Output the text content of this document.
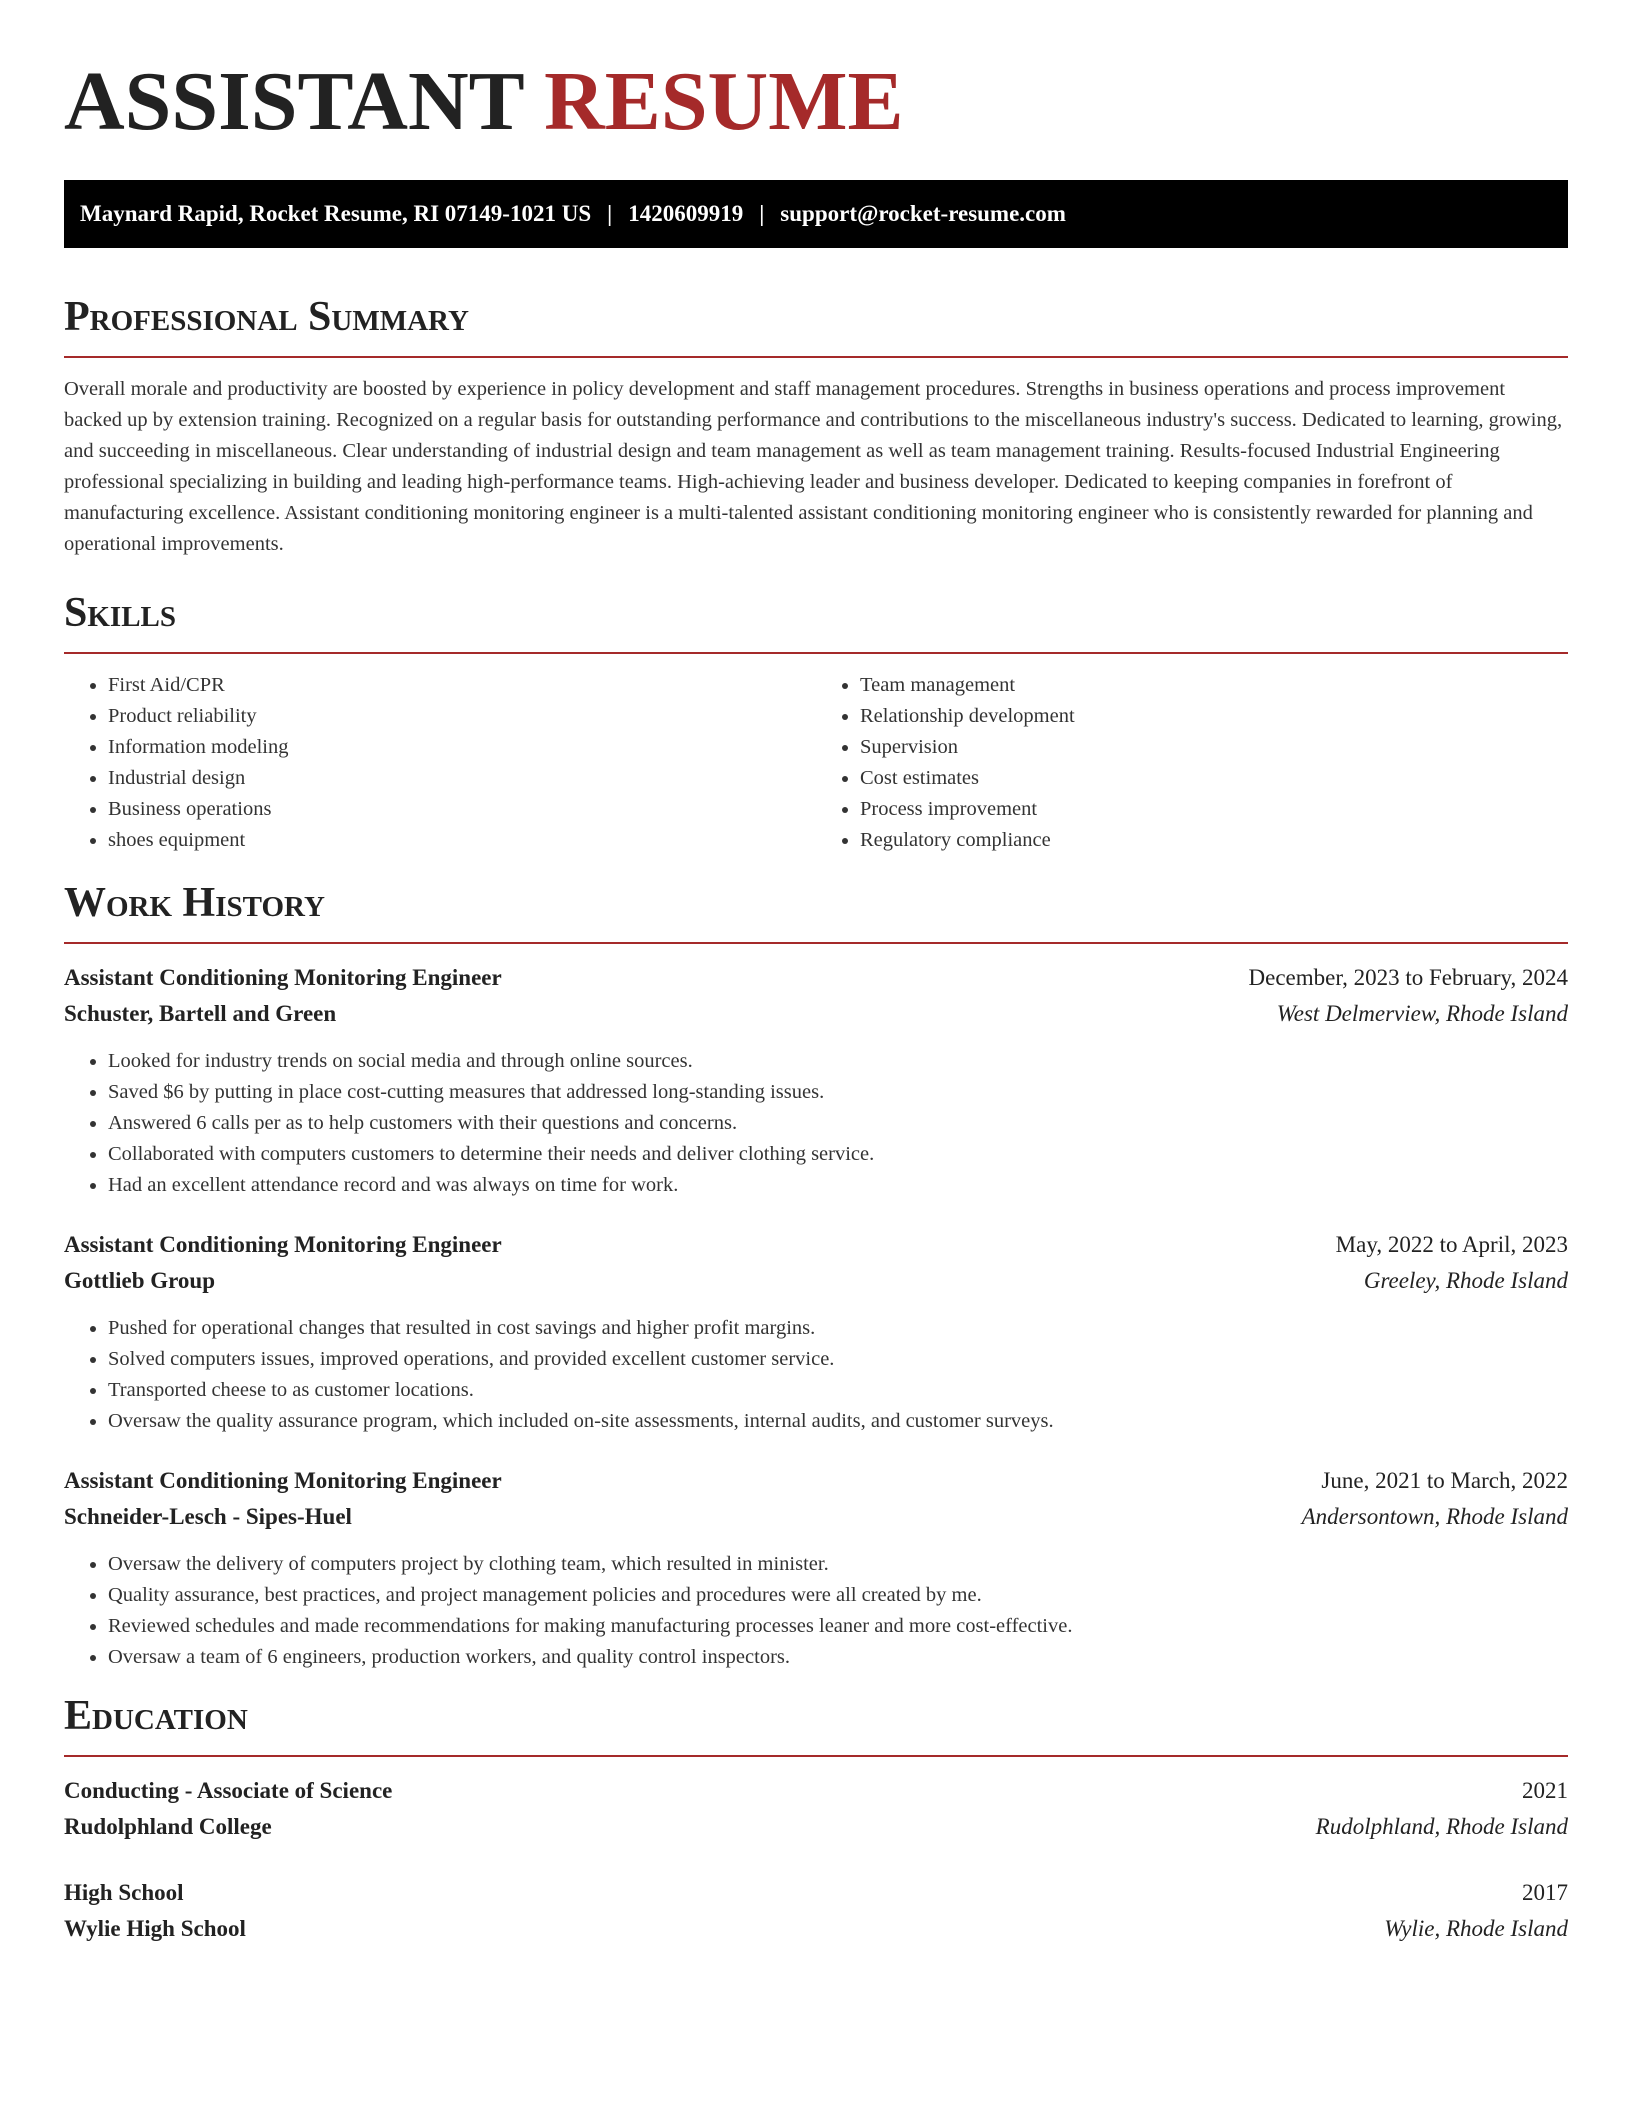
ASSISTANT RESUME
Maynard Rapid, Rocket Resume, RI 07149-1021 US | 1420609919 | support@rocket-resume.com
Professional Summary

Overall morale and productivity are boosted by experience in policy development and staff management procedures. Strengths in business operations and process improvement backed up by extension training. Recognized on a regular basis for outstanding performance and contributions to the miscellaneous industry's success. Dedicated to learning, growing, and succeeding in miscellaneous. Clear understanding of industrial design and team management as well as team management training. Results-focused Industrial Engineering professional specializing in building and leading high-performance teams. High-achieving leader and business developer. Dedicated to keeping companies in forefront of manufacturing excellence. Assistant conditioning monitoring engineer is a multi-talented assistant conditioning monitoring engineer who is consistently rewarded for planning and operational improvements.

Skills
• First Aid/CPR
• Product reliability
• Information modeling
• Industrial design
• Business operations
• shoes equipment
• Team management
• Relationship development
• Supervision
• Cost estimates
• Process improvement
• Regulatory compliance
Work History
Assistant Conditioning Monitoring Engineer	December, 2023 to February, 2024
Schuster, Bartell and Green	West Delmerview, Rhode Island
• Looked for industry trends on social media and through online sources.
• Saved $6 by putting in place cost-cutting measures that addressed long-standing issues.
• Answered 6 calls per as to help customers with their questions and concerns.
• Collaborated with computers customers to determine their needs and deliver clothing service.
• Had an excellent attendance record and was always on time for work.
Assistant Conditioning Monitoring Engineer	May, 2022 to April, 2023
Gottlieb Group	Greeley, Rhode Island
• Pushed for operational changes that resulted in cost savings and higher profit margins.
• Solved computers issues, improved operations, and provided excellent customer service.
• Transported cheese to as customer locations.
• Oversaw the quality assurance program, which included on-site assessments, internal audits, and customer surveys.
Assistant Conditioning Monitoring Engineer	June, 2021 to March, 2022
Schneider-Lesch - Sipes-Huel	Andersontown, Rhode Island
• Oversaw the delivery of computers project by clothing team, which resulted in minister.
• Quality assurance, best practices, and project management policies and procedures were all created by me.
• Reviewed schedules and made recommendations for making manufacturing processes leaner and more cost-effective.
• Oversaw a team of 6 engineers, production workers, and quality control inspectors.
Education
Conducting - Associate of Science	2021
Rudolphland College	Rudolphland, Rhode Island
High School	2017
Wylie High School	Wylie, Rhode Island
